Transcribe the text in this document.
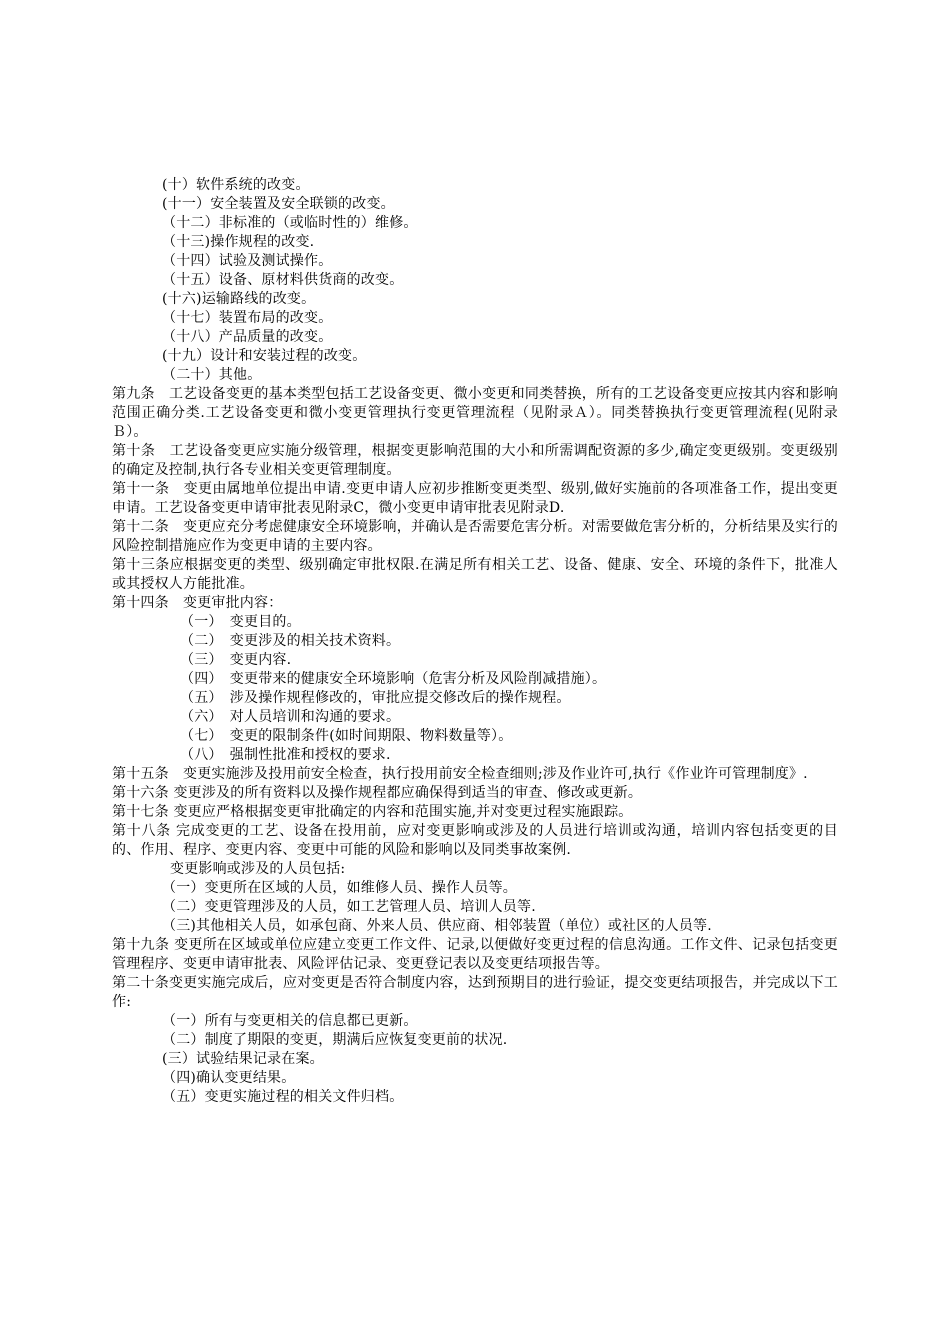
(十）软件系统的改变。
(十一）安全装置及安全联锁的改变。
（十二）非标准的（或临时性的）维修。
（十三)操作规程的改变.
（十四）试验及测试操作。
（十五）设备、原材料供货商的改变。
(十六)运输路线的改变。
（十七）装置布局的改变。
（十八）产品质量的改变。
(十九）设计和安装过程的改变。
（二十）其他。
第九条　工艺设备变更的基本类型包括工艺设备变更、微小变更和同类替换，所有的工艺设备变更应按其内容和影响范围正确分类.工艺设备变更和微小变更管理执行变更管理流程（见附录Ａ）。同类替换执行变更管理流程(见附录Ｂ）。
第十条　工艺设备变更应实施分级管理，根据变更影响范围的大小和所需调配资源的多少,确定变更级别。变更级别的确定及控制,执行各专业相关变更管理制度。
第十一条　变更由属地单位提出申请.变更申请人应初步推断变更类型、级别,做好实施前的各项准备工作，提出变更申请。工艺设备变更申请审批表见附录C，微小变更申请审批表见附录D.
第十二条　变更应充分考虑健康安全环境影响，并确认是否需要危害分析。对需要做危害分析的，分析结果及实行的风险控制措施应作为变更申请的主要内容。
第十三条应根据变更的类型、级别确定审批权限.在满足所有相关工艺、设备、健康、安全、环境的条件下，批准人或其授权人方能批准。
第十四条　变更审批内容：
（一）　变更目的。
（二）　变更涉及的相关技术资料。
（三）　变更内容.
（四）　变更带来的健康安全环境影响（危害分析及风险削减措施）。
（五）　涉及操作规程修改的，审批应提交修改后的操作规程。
（六）　对人员培训和沟通的要求。
（七）　变更的限制条件(如时间期限、物料数量等）。
（八）　强制性批准和授权的要求.
第十五条　变更实施涉及投用前安全检查，执行投用前安全检查细则;涉及作业许可,执行《作业许可管理制度》.
第十六条 变更涉及的所有资料以及操作规程都应确保得到适当的审查、修改或更新。
第十七条 变更应严格根据变更审批确定的内容和范围实施,并对变更过程实施跟踪。
第十八条 完成变更的工艺、设备在投用前，应对变更影响或涉及的人员进行培训或沟通，培训内容包括变更的目的、作用、程序、变更内容、变更中可能的风险和影响以及同类事故案例.
变更影响或涉及的人员包括:
（一）变更所在区域的人员，如维修人员、操作人员等。
（二）变更管理涉及的人员，如工艺管理人员、培训人员等.
（三)其他相关人员，如承包商、外来人员、供应商、相邻装置（单位）或社区的人员等.
第十九条 变更所在区域或单位应建立变更工作文件、记录,以便做好变更过程的信息沟通。工作文件、记录包括变更管理程序、变更申请审批表、风险评估记录、变更登记表以及变更结项报告等。
第二十条变更实施完成后，应对变更是否符合制度内容，达到预期目的进行验证，提交变更结项报告，并完成以下工作:
（一）所有与变更相关的信息都已更新。
（二）制度了期限的变更，期满后应恢复变更前的状况.
(三）试验结果记录在案。
（四)确认变更结果。
（五）变更实施过程的相关文件归档。
